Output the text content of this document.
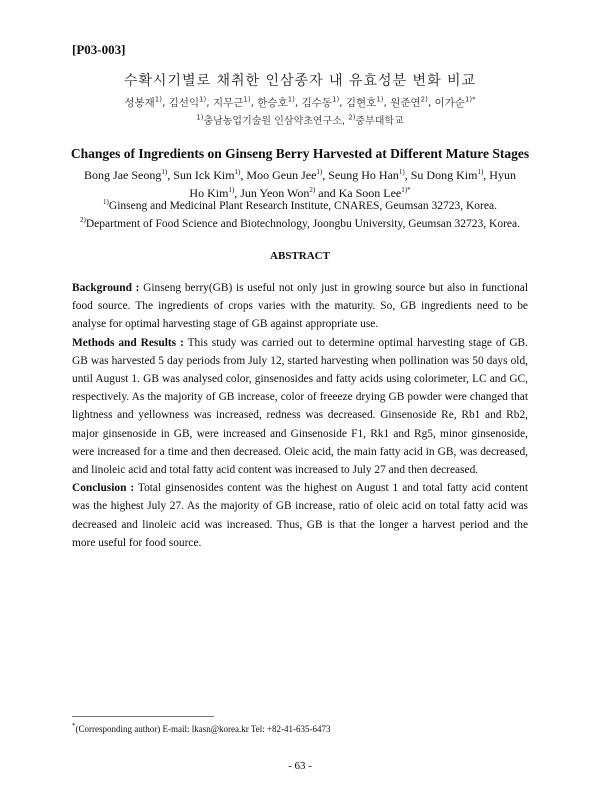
[P03-003]
수확시기별로 채취한 인삼종자 내 유효성분 변화 비교
성봉재$^{1)}$, 김선익$^{1)}$, 지무근$^{1)}$, 한승호$^{1)}$, 김수동$^{1)}$, 김현호$^{1)}$, 원준연$^{2)}$, 이가순$^{1)*}$
$^{1)}$충남농업기술원 인삼약초연구소, $^{2)}$중부대학교
Changes of Ingredients on Ginseng Berry Harvested at Different Mature Stages
Bong Jae Seong$^{1)}$, Sun Ick Kim$^{1)}$, Moo Geun Jee$^{1)}$, Seung Ho Han$^{1)}$, Su Dong Kim$^{1)}$, Hyun
Ho Kim$^{1)}$, Jun Yeon Won$^{2)}$ and Ka Soon Lee$^{1)*}$
$^{1)}$Ginseng and Medicinal Plant Research Institute, CNARES, Geumsan 32723, Korea.
$^{2)}$Department of Food Science and Biotechnology, Joongbu University, Geumsan 32723, Korea.
ABSTRACT

Background : Ginseng berry(GB) is useful not only just in growing source but also in functional food source. The ingredients of crops varies with the maturity. So, GB ingredients need to be analyse for optimal harvesting stage of GB against appropriate use.

Methods and Results : This study was carried out to determine optimal harvesting stage of GB. GB was harvested 5 day periods from July 12, started harvesting when pollination was 50 days old, until August 1. GB was analysed color, ginsenosides and fatty acids using colorimeter, LC and GC, respectively. As the majority of GB increase, color of freeeze drying GB powder were changed that lightness and yellowness was increased, redness was decreased. Ginsenoside Re, Rb1 and Rb2, major ginsenoside in GB, were increased and Ginsenoside F1, Rk1 and Rg5, minor ginsenoside, were increased for a time and then decreased. Oleic acid, the main fatty acid in GB, was decreased, and linoleic acid and total fatty acid content was increased to July 27 and then decreased.

Conclusion : Total ginsenosides content was the highest on August 1 and total fatty acid content was the highest July 27. As the majority of GB increase, ratio of oleic acid on total fatty acid was decreased and linoleic acid was increased. Thus, GB is that the longer a harvest period and the more useful for food source.

*(Corresponding author) E-mail: lkasn@korea.kr Tel: +82-41-635-6473
- 63 -
